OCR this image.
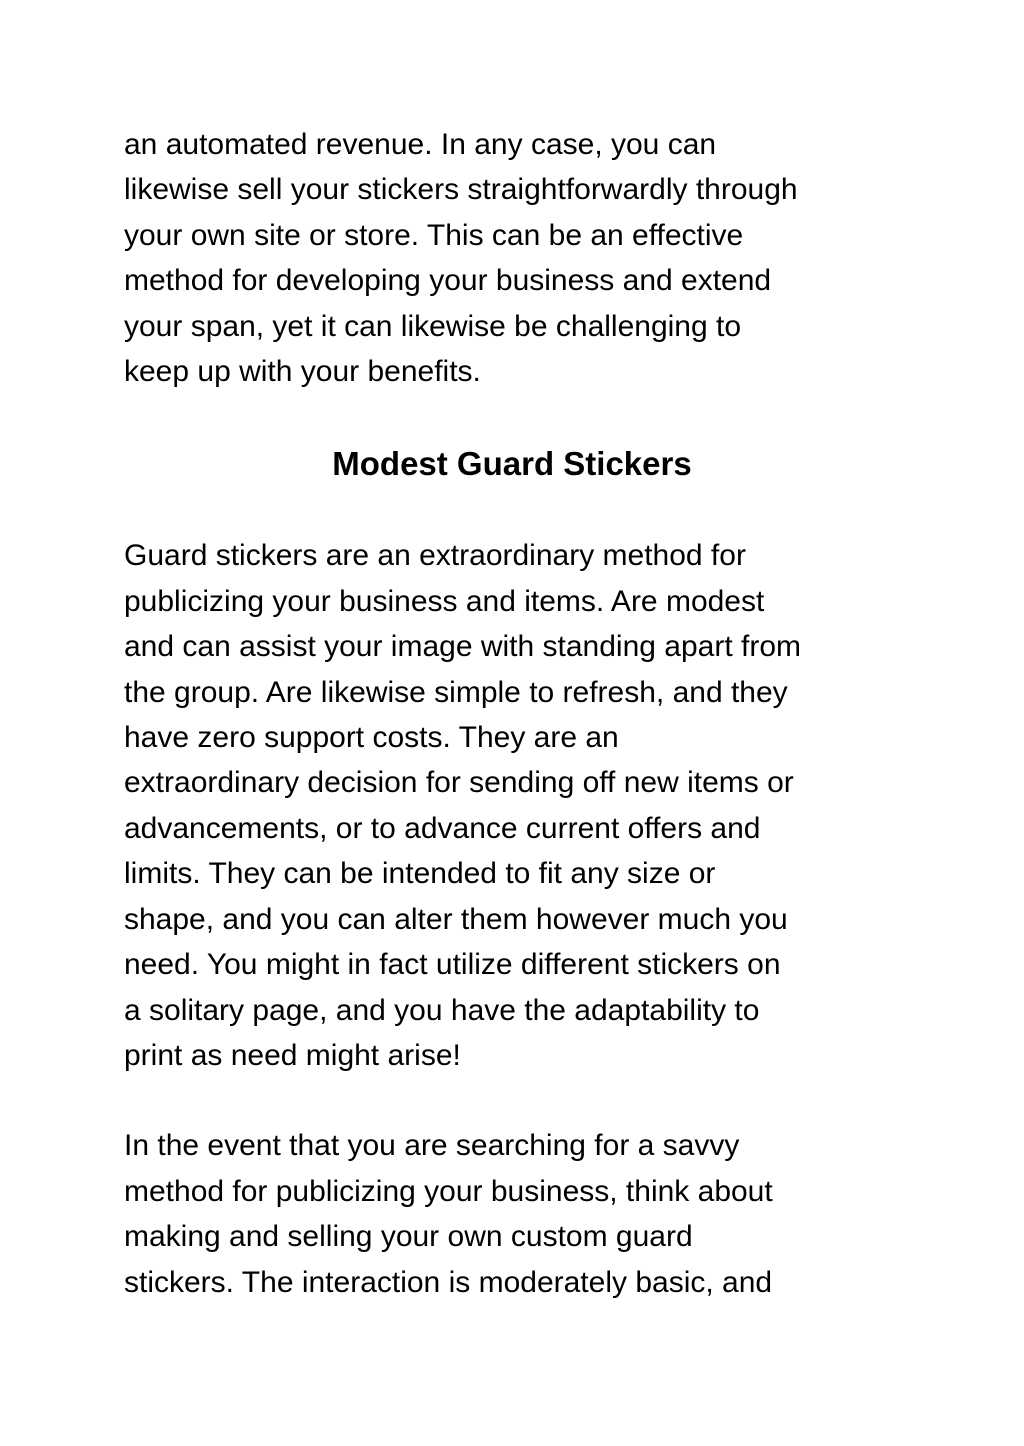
an automated revenue. In any case, you can
likewise sell your stickers straightforwardly through
your own site or store. This can be an effective
method for developing your business and extend
your span, yet it can likewise be challenging to
keep up with your benefits.

Modest Guard Stickers

Guard stickers are an extraordinary method for
publicizing your business and items. Are modest
and can assist your image with standing apart from
the group. Are likewise simple to refresh, and they
have zero support costs. They are an
extraordinary decision for sending off new items or
advancements, or to advance current offers and
limits. They can be intended to fit any size or
shape, and you can alter them however much you
need. You might in fact utilize different stickers on
a solitary page, and you have the adaptability to
print as need might arise!

In the event that you are searching for a savvy
method for publicizing your business, think about
making and selling your own custom guard
stickers. The interaction is moderately basic, and
